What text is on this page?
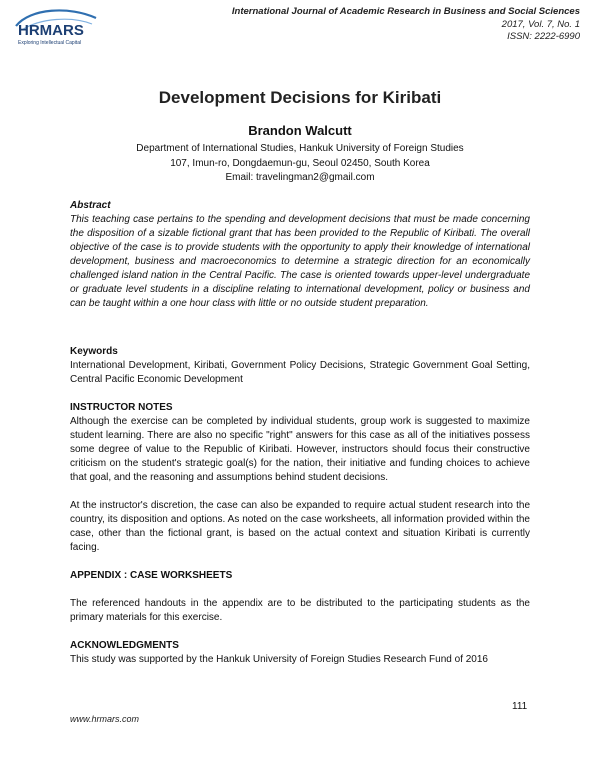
HRMARS
Exploring Intellectual Capital
International Journal of Academic Research in Business and Social Sciences
2017, Vol. 7, No. 1
ISSN: 2222-6990
Development Decisions for Kiribati
Brandon Walcutt
Department of International Studies, Hankuk University of Foreign Studies
107, Imun-ro, Dongdaemun-gu, Seoul 02450, South Korea
Email: travelingman2@gmail.com
Abstract

This teaching case pertains to the spending and development decisions that must be made concerning the disposition of a sizable fictional grant that has been provided to the Republic of Kiribati. The overall objective of the case is to provide students with the opportunity to apply their knowledge of international development, business and macroeconomics to determine a strategic direction for an economically challenged island nation in the Central Pacific. The case is oriented towards upper-level undergraduate or graduate level students in a discipline relating to international development, policy or business and can be taught within a one hour class with little or no outside student preparation.

Keywords

International Development, Kiribati, Government Policy Decisions, Strategic Government Goal Setting, Central Pacific Economic Development

INSTRUCTOR NOTES

Although the exercise can be completed by individual students, group work is suggested to maximize student learning. There are also no specific "right" answers for this case as all of the initiatives possess some degree of value to the Republic of Kiribati. However, instructors should focus their constructive criticism on the student's strategic goal(s) for the nation, their initiative and funding choices to achieve that goal, and the reasoning and assumptions behind student decisions.

At the instructor's discretion, the case can also be expanded to require actual student research into the country, its disposition and options. As noted on the case worksheets, all information provided within the case, other than the fictional grant, is based on the actual context and situation Kiribati is currently facing.

APPENDIX : CASE WORKSHEETS

The referenced handouts in the appendix are to be distributed to the participating students as the primary materials for this exercise.

ACKNOWLEDGMENTS

This study was supported by the Hankuk University of Foreign Studies Research Fund of 2016

111
www.hrmars.com
